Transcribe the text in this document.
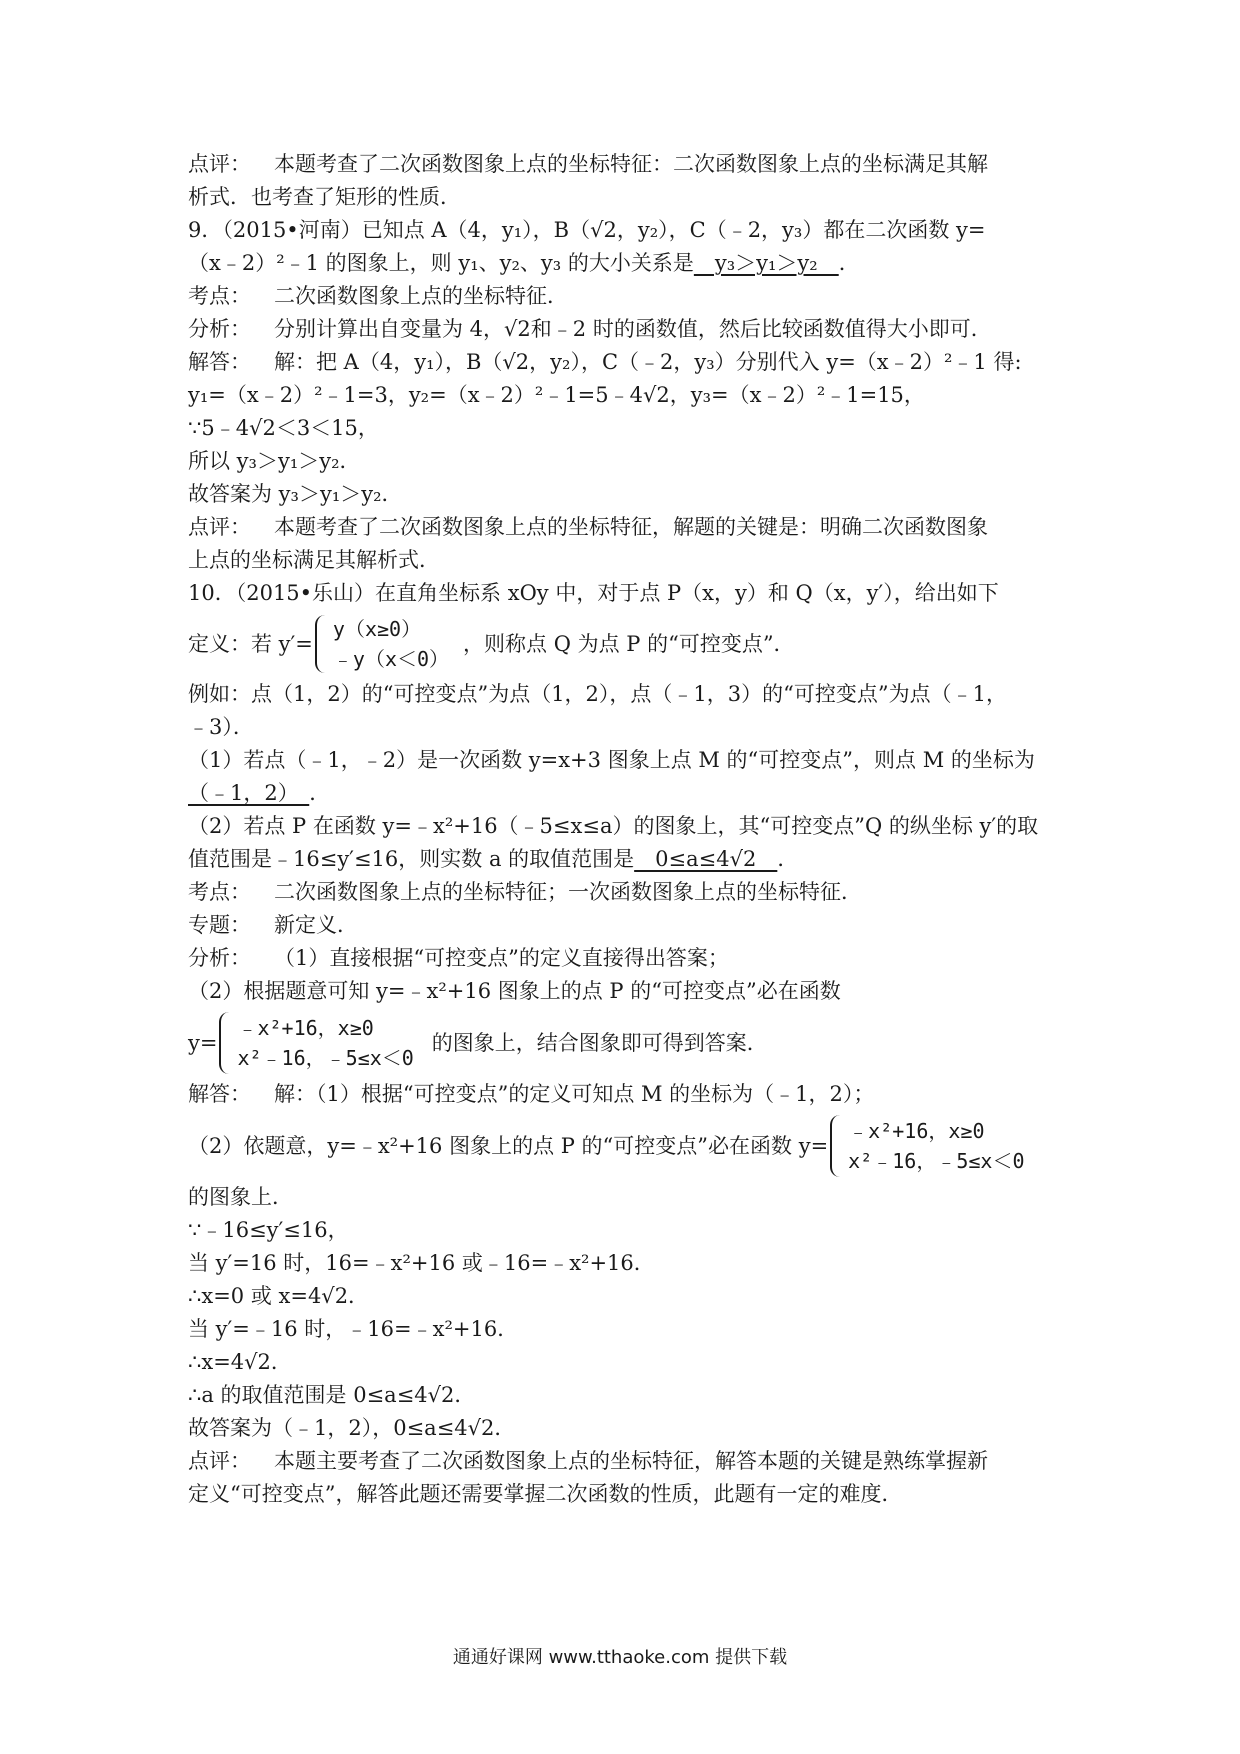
点评： 本题考查了二次函数图象上点的坐标特征：二次函数图象上点的坐标满足其解
析式．也考查了矩形的性质．
9．（2015•河南）已知点 A（4，y₁），B（√2，y₂），C（﹣2，y₃）都在二次函数 y=
（x﹣2）²﹣1 的图象上，则 y₁、y₂、y₃ 的大小关系是　y₃＞y₁＞y₂　．
考点： 二次函数图象上点的坐标特征．
分析： 分别计算出自变量为 4，√2和﹣2 时的函数值，然后比较函数值得大小即可．
解答： 解：把 A（4，y₁），B（√2，y₂），C（﹣2，y₃）分别代入 y=（x﹣2）²﹣1 得:
y₁=（x﹣2）²﹣1=3，y₂=（x﹣2）²﹣1=5﹣4√2，y₃=（x﹣2）²﹣1=15，
∵5﹣4√2＜3＜15，
所以 y₃＞y₁＞y₂．
故答案为 y₃＞y₁＞y₂．
点评： 本题考查了二次函数图象上点的坐标特征，解题的关键是：明确二次函数图象
上点的坐标满足其解析式．
10．（2015•乐山）在直角坐标系 xOy 中，对于点 P（x，y）和 Q（x，y′），给出如下
定义：若 y′=
y（x≥0）
﹣y（x＜0）
，则称点 Q 为点 P 的“可控变点”．
例如：点（1，2）的“可控变点”为点（1，2），点（﹣1，3）的“可控变点”为点（﹣1，
﹣3）．
（1）若点（﹣1，﹣2）是一次函数 y=x+3 图象上点 M 的“可控变点”，则点 M 的坐标为
（﹣1，2）　．
（2）若点 P 在函数 y=﹣x²+16（﹣5≤x≤a）的图象上，其“可控变点”Q 的纵坐标 y′的取
值范围是﹣16≤y′≤16，则实数 a 的取值范围是　0≤a≤4√2　．
考点： 二次函数图象上点的坐标特征；一次函数图象上点的坐标特征．
专题： 新定义．
分析： （1）直接根据“可控变点”的定义直接得出答案；
（2）根据题意可知 y=﹣x²+16 图象上的点 P 的“可控变点”必在函数
y=
﹣x²+16，x≥0
x²﹣16，﹣5≤x＜0
的图象上，结合图象即可得到答案．
解答： 解：（1）根据“可控变点”的定义可知点 M 的坐标为（﹣1，2）；
（2）依题意，y=﹣x²+16 图象上的点 P 的“可控变点”必在函数 y=
﹣x²+16，x≥0
x²﹣16，﹣5≤x＜0
的图象上．
∵﹣16≤y′≤16，
当 y′=16 时，16=﹣x²+16 或﹣16=﹣x²+16．
∴x=0 或 x=4√2．
当 y′=﹣16 时，﹣16=﹣x²+16．
∴x=4√2．
∴a 的取值范围是 0≤a≤4√2．
故答案为（﹣1，2），0≤a≤4√2．
点评： 本题主要考查了二次函数图象上点的坐标特征，解答本题的关键是熟练掌握新
定义“可控变点”，解答此题还需要掌握二次函数的性质，此题有一定的难度．
通通好课网 www.tthaoke.com 提供下载
